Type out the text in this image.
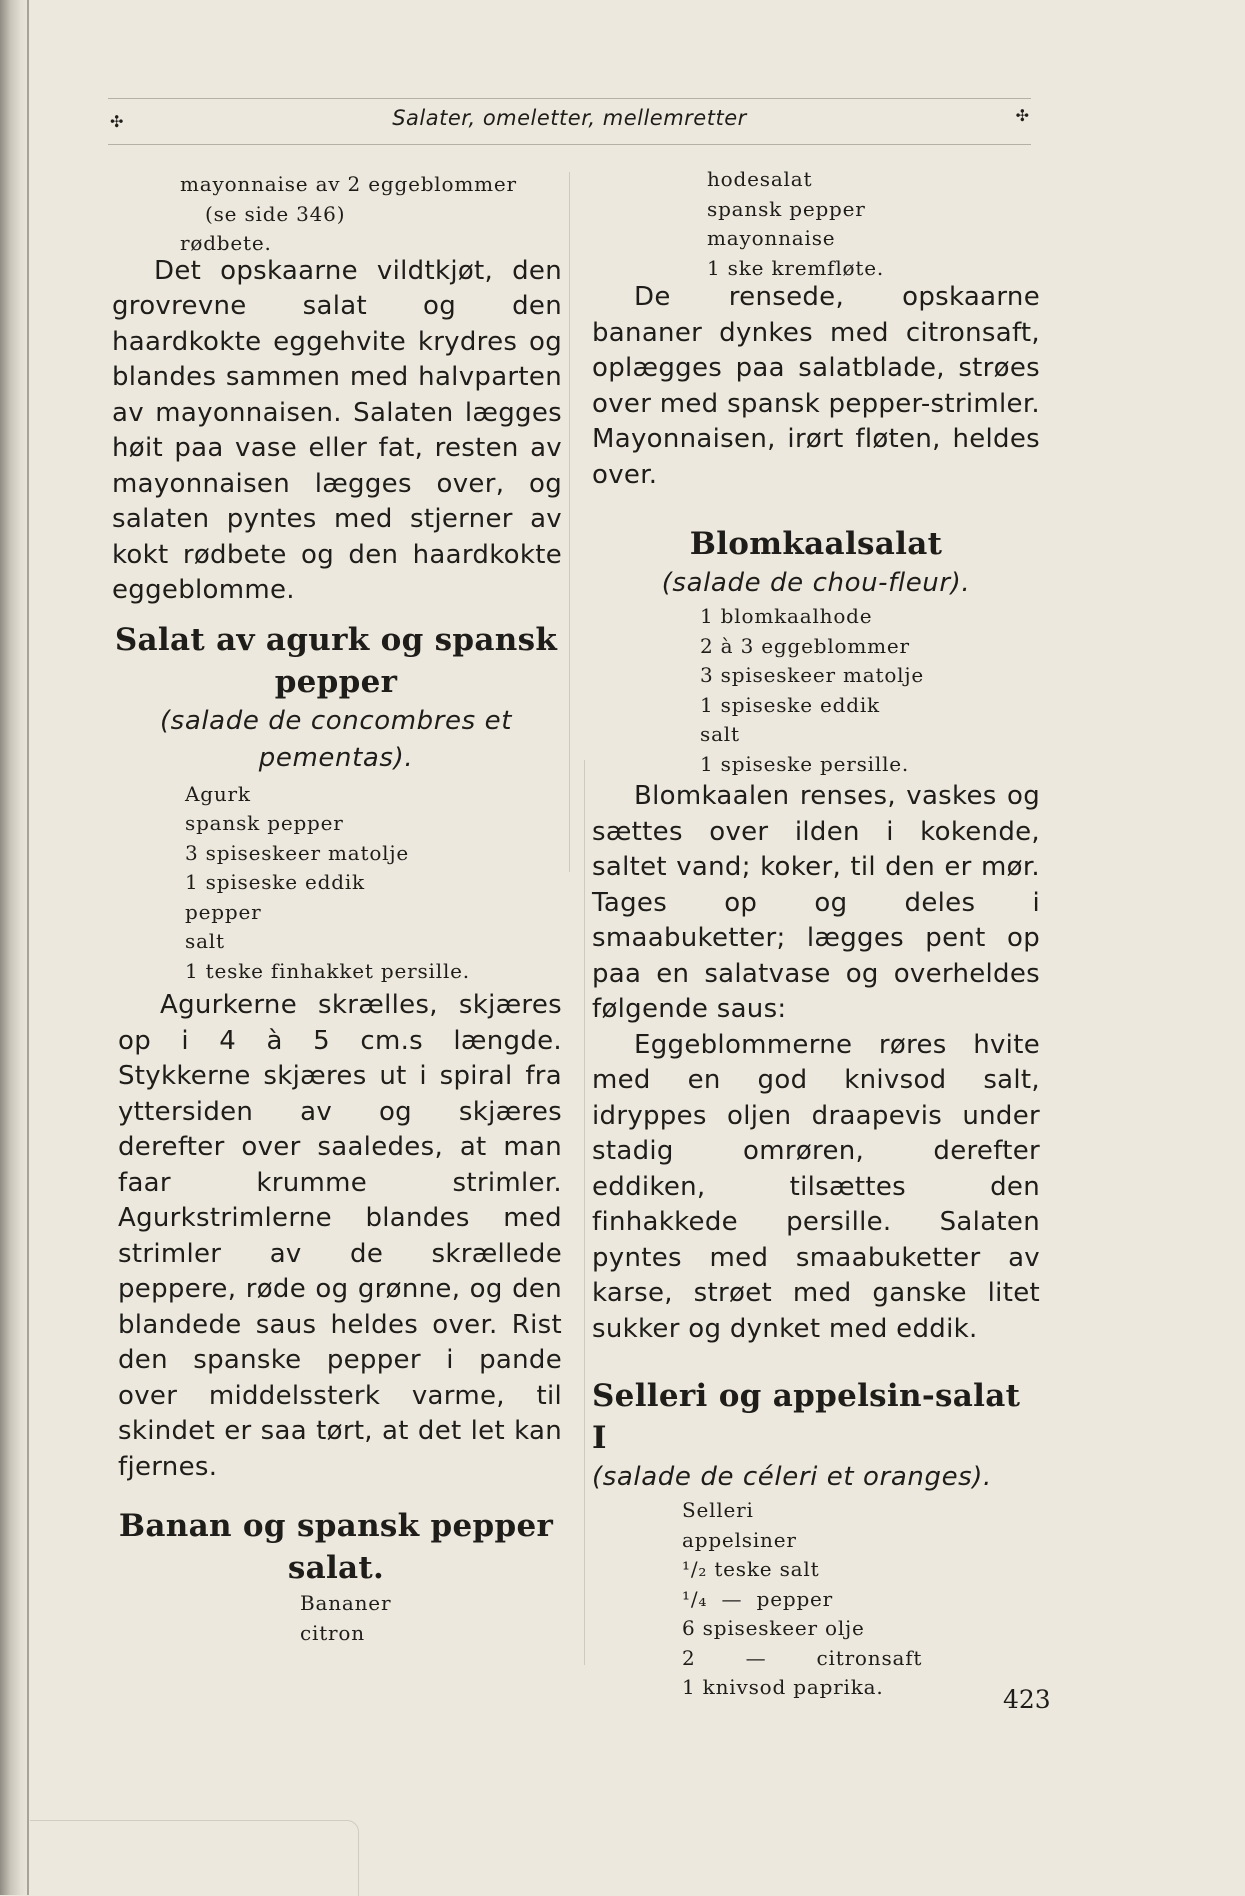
✣	Salater, omeletter, mellemretter	✣
mayonnaise av 2 eggeblommer
(se side 346)
rødbete.

Det opskaarne vildtkjøt, den grovrevne salat og den haardkokte eggehvite krydres og blandes sammen med halvparten av mayonnaisen. Salaten lægges høit paa vase eller fat, resten av mayonnaisen lægges over, og salaten pyntes med stjerner av kokt rødbete og den haardkokte eggeblomme.

Salat av agurk og spansk pepper
(salade de concombres et pementas).
Agurk
spansk pepper
3 spiseskeer matolje
1 spiseske eddik
pepper
salt
1 teske finhakket persille.

Agurkerne skrælles, skjæres op i 4 à 5 cm.s længde. Stykkerne skjæres ut i spiral fra yttersiden av og skjæres derefter over saaledes, at man faar krumme strimler. Agurkstrimlerne blandes med strimler av de skrællede peppere, røde og grønne, og den blandede saus heldes over. Rist den spanske pepper i pande over middelssterk varme, til skindet er saa tørt, at det let kan fjernes.

Banan og spansk pepper salat.
Bananer
citron
hodesalat
spansk pepper
mayonnaise
1 ske kremfløte.

De rensede, opskaarne bananer dynkes med citronsaft, oplægges paa salatblade, strøes over med spansk pepper-strimler. Mayonnaisen, irørt fløten, heldes over.

Blomkaalsalat
(salade de chou-fleur).
1 blomkaalhode
2 à 3 eggeblommer
3 spiseskeer matolje
1 spiseske eddik
salt
1 spiseske persille.

Blomkaalen renses, vaskes og sættes over ilden i kokende, saltet vand; koker, til den er mør. Tages op og deles i smaabuketter; lægges pent op paa en salatvase og overheldes følgende saus:

Eggeblommerne røres hvite med en god knivsod salt, idryppes oljen draapevis under stadig omrøren, derefter eddiken, tilsættes den finhakkede persille. Salaten pyntes med smaabuketter av karse, strøet med ganske litet sukker og dynket med eddik.

Selleri og appelsin-salat I
(salade de céleri et oranges).
Selleri
appelsiner
¹/₂ teske salt
¹/₄  —  pepper
6 spiseskeer olje
2       —       citronsaft
1 knivsod paprika.	423
